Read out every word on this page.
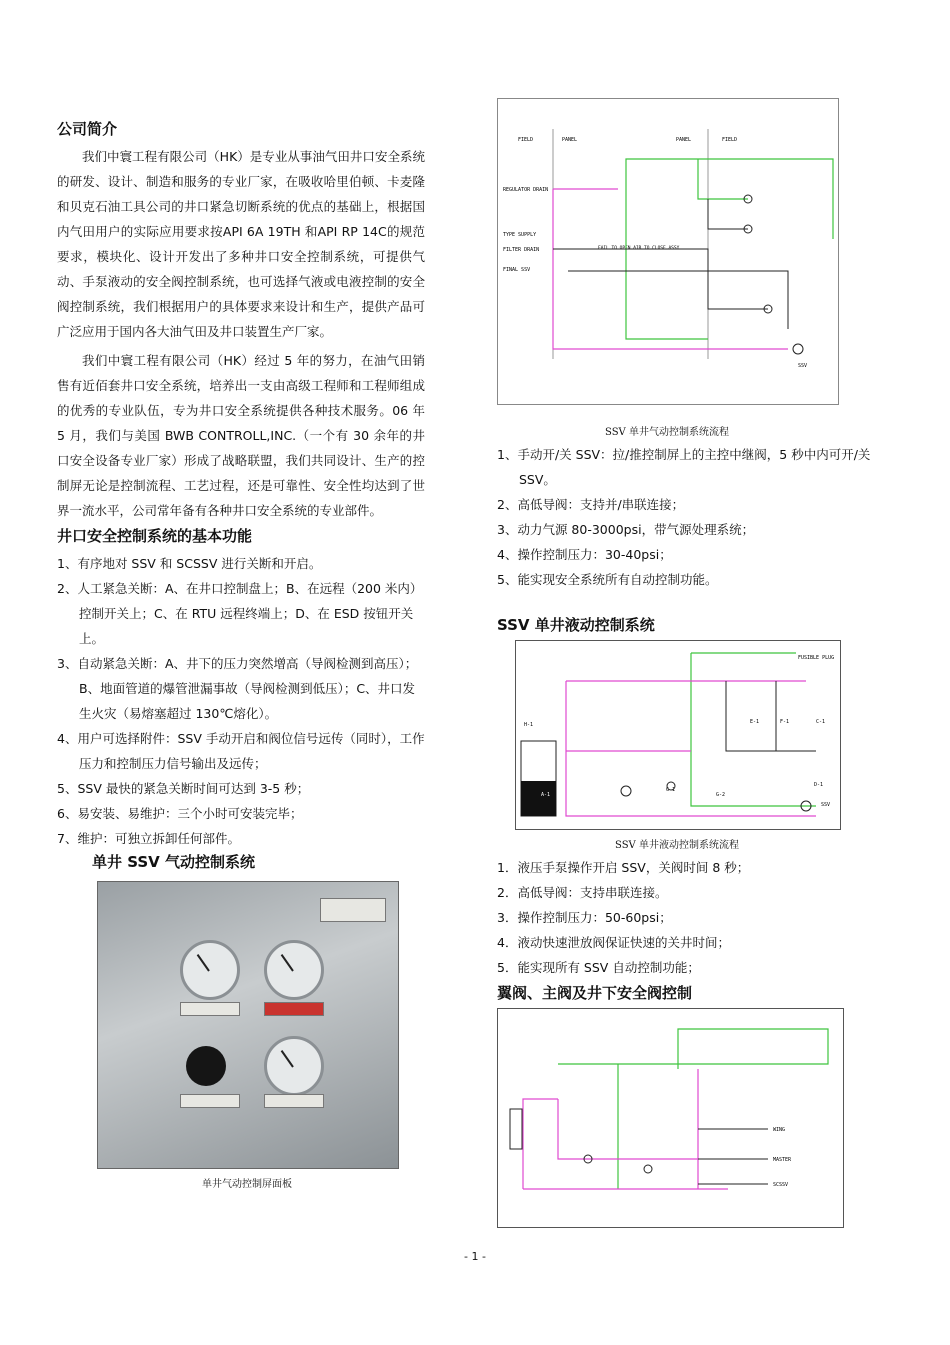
公司简介

我们中寰工程有限公司（HK）是专业从事油气田井口安全系统的研发、设计、制造和服务的专业厂家，在吸收哈里伯顿、卡麦隆和贝克石油工具公司的井口紧急切断系统的优点的基础上，根据国内气田用户的实际应用要求按API 6A 19TH 和API RP 14C的规范要求，模块化、设计开发出了多种井口安全控制系统，可提供气动、手泵液动的安全阀控制系统，也可选择气液或电液控制的安全阀控制系统，我们根据用户的具体要求来设计和生产，提供产品可广泛应用于国内各大油气田及井口装置生产厂家。

我们中寰工程有限公司（HK）经过 5 年的努力，在油气田销售有近佰套井口安全系统，培养出一支由高级工程师和工程师组成的优秀的专业队伍，专为井口安全系统提供各种技术服务。06 年 5 月，我们与美国 BWB CONTROLL,INC.（一个有 30 余年的井口安全设备专业厂家）形成了战略联盟，我们共同设计、生产的控制屏无论是控制流程、工艺过程，还是可靠性、安全性均达到了世界一流水平，公司常年备有各种井口安全系统的专业部件。

井口安全控制系统的基本功能
1、有序地对 SSV 和 SCSSV 进行关断和开启。
2、人工紧急关断：A、在井口控制盘上；B、在远程（200 米内）控制开关上；C、在 RTU 远程终端上；D、在 ESD 按钮开关上。
3、自动紧急关断：A、井下的压力突然增高（导阀检测到高压）；B、地面管道的爆管泄漏事故（导阀检测到低压）；C、井口发生火灾（易熔塞超过 130℃熔化）。
4、用户可选择附件：SSV 手动开启和阀位信号远传（同时），工作压力和控制压力信号输出及远传；
5、SSV 最快的紧急关断时间可达到 3-5 秒；
6、易安装、易维护：三个小时可安装完毕；
7、维护：可独立拆卸任何部件。
单井 SSV 气动控制系统
单井气动控制屏面板
FIELD	PANEL	PANEL	FIELD
REGULATOR DRAIN
TYPE SUPPLY
FILTER DRAIN
FINAL SSV
FAIL TO OPEN AIR TO CLOSE ASSY
SSV
SSV 单井气动控制系统流程
1、手动开/关 SSV：拉/推控制屏上的主控中继阀，5 秒中内可开/关 SSV。
2、高低导阀：支持并/串联连接；
3、动力气源 80-3000psi，带气源处理系统；
4、操作控制压力：30-40psi；
5、能实现安全系统所有自动控制功能。
SSV 单井液动控制系统
H-1
A-1
G-1
G-2
E-1	F-1	C-1
D-1
SSV
FUSIBLE PLUG
SSV 单井液动控制系统流程
1．液压手泵操作开启 SSV，关阀时间 8 秒；
2．高低导阀：支持串联连接。
3．操作控制压力：50-60psi；
4．液动快速泄放阀保证快速的关井时间；
5．能实现所有 SSV 自动控制功能；
翼阀、主阀及井下安全阀控制
WING
MASTER
SCSSV
- 1 -
